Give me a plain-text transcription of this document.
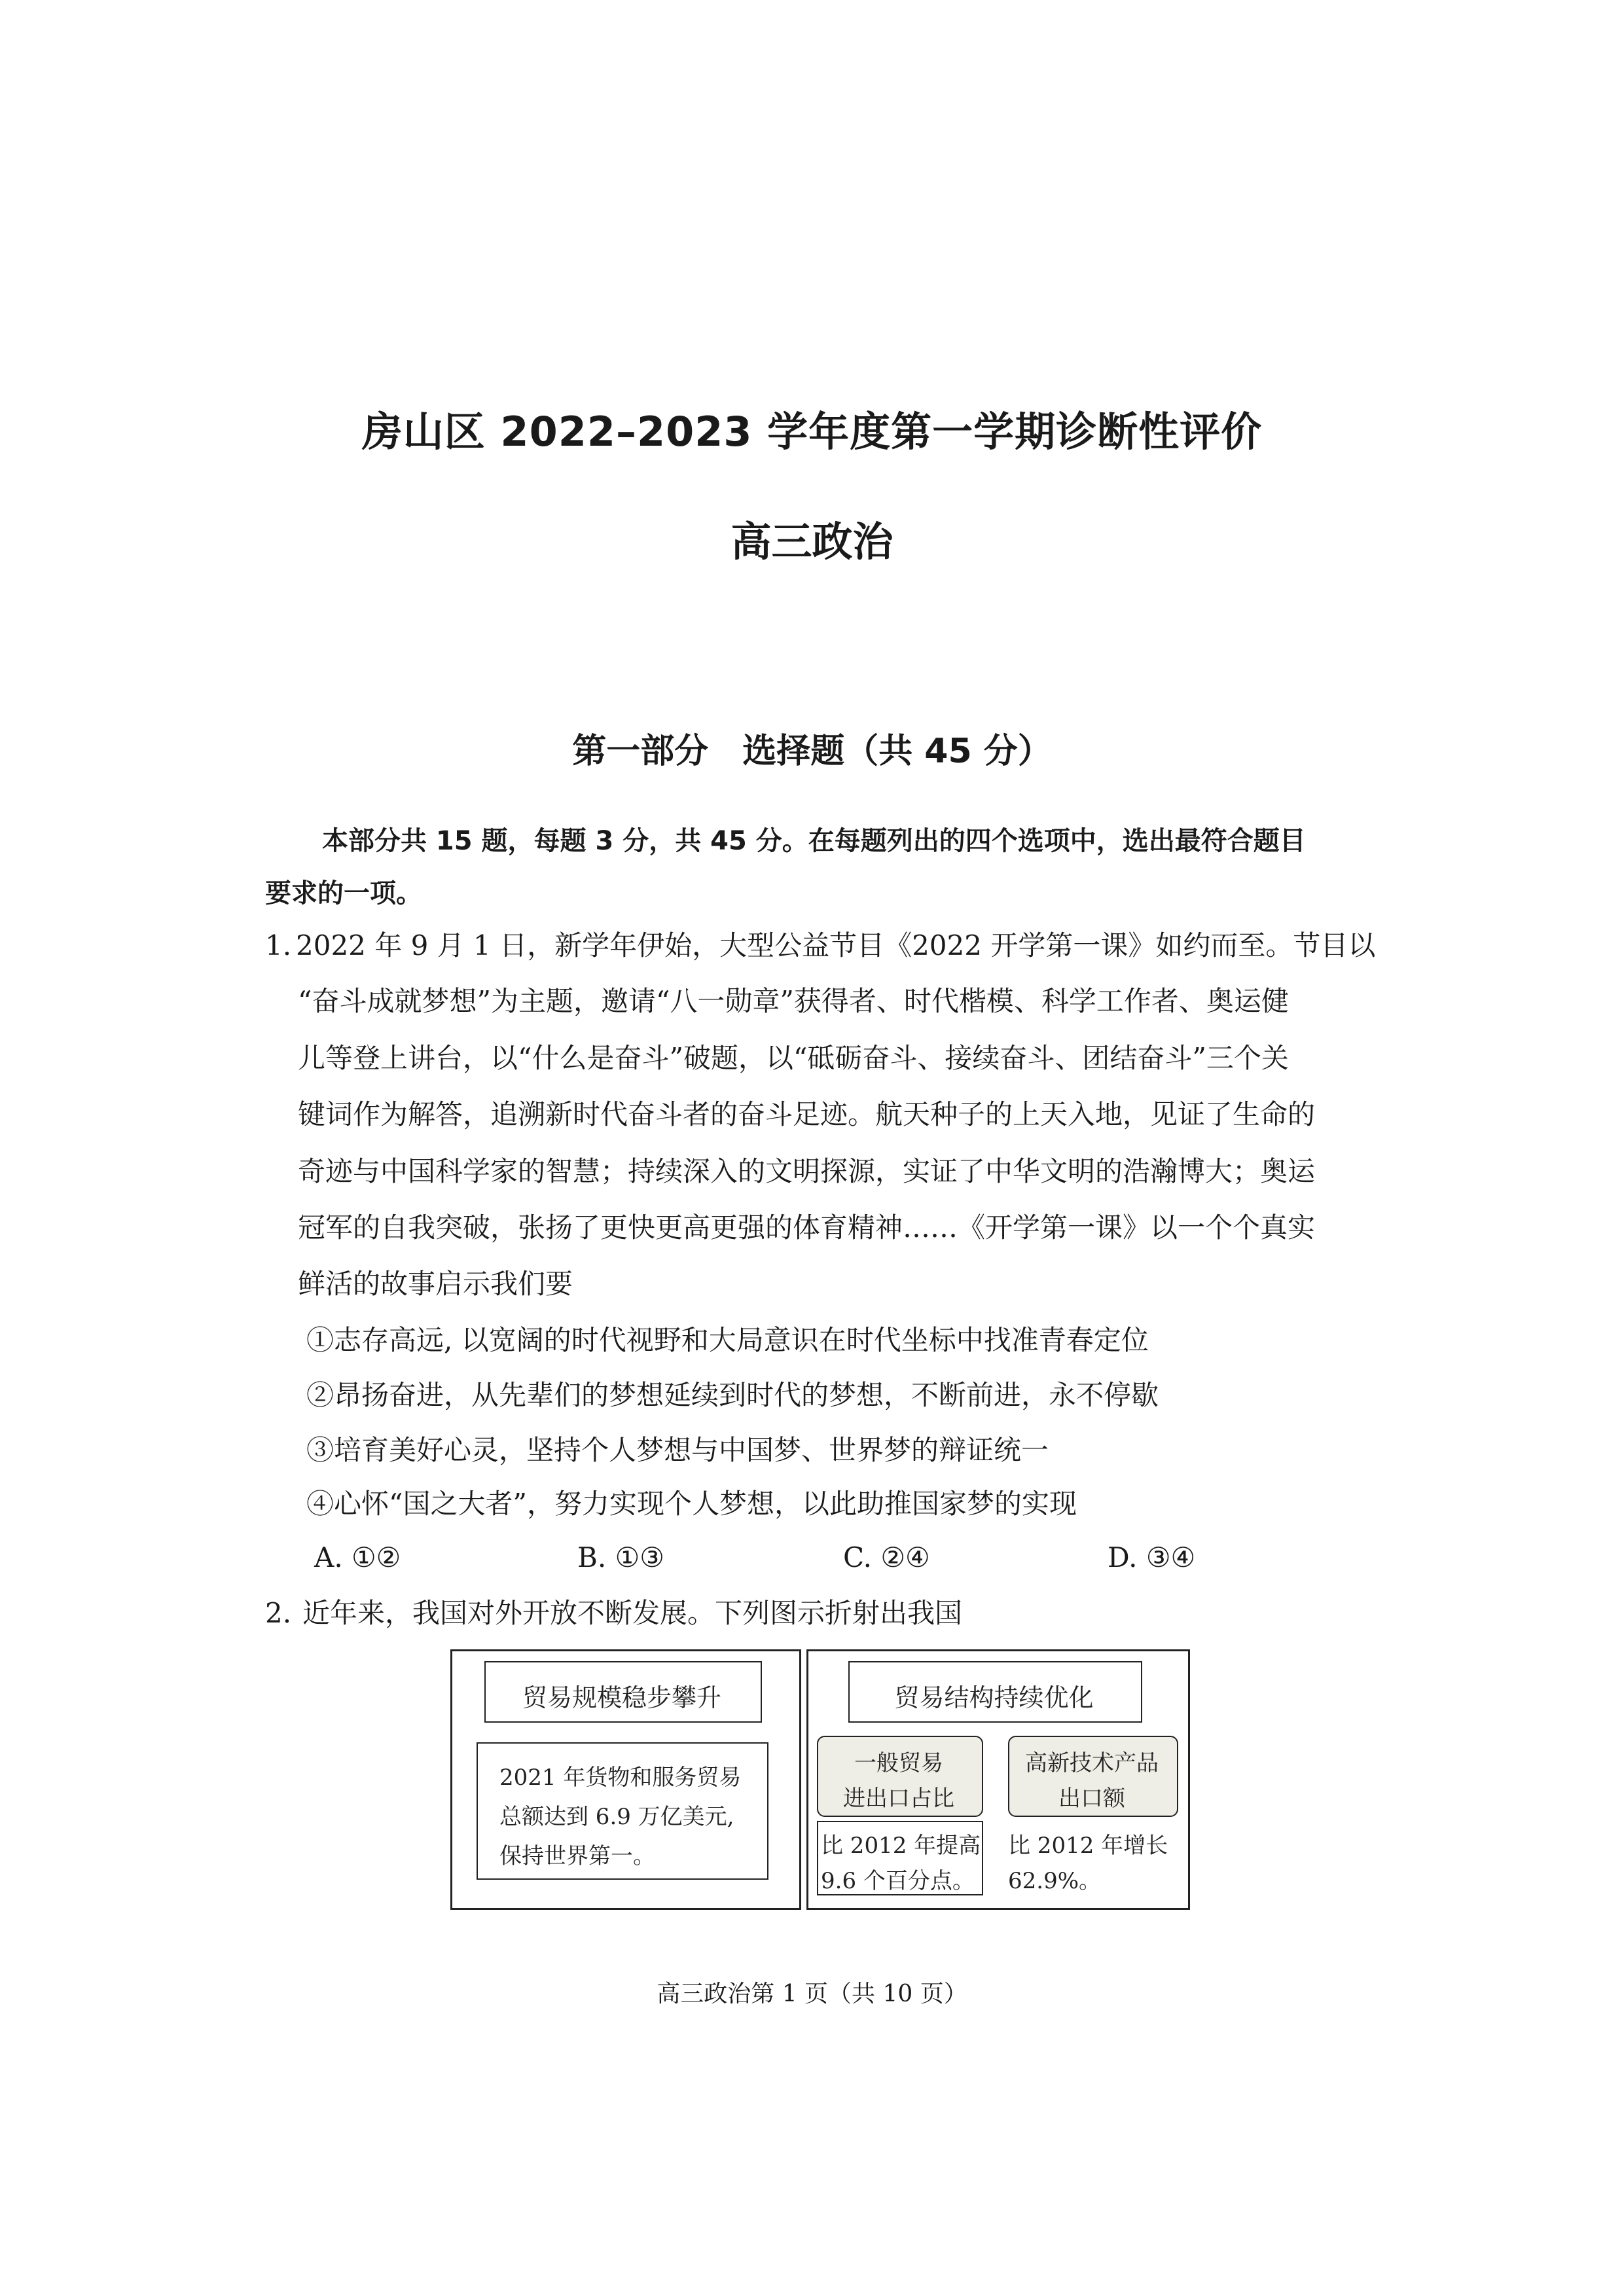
房山区 2022–2023 学年度第一学期诊断性评价
高三政治
第一部分　选择题（共 45 分）
本部分共 15 题，每题 3 分，共 45 分。在每题列出的四个选项中，选出最符合题目
要求的一项。
1. 2022 年 9 月 1 日，新学年伊始，大型公益节目《2022 开学第一课》如约而至。节目以
“奋斗成就梦想”为主题，邀请“八一勋章”获得者、时代楷模、科学工作者、奥运健
儿等登上讲台，以“什么是奋斗”破题，以“砥砺奋斗、接续奋斗、团结奋斗”三个关
键词作为解答，追溯新时代奋斗者的奋斗足迹。航天种子的上天入地，见证了生命的
奇迹与中国科学家的智慧；持续深入的文明探源，实证了中华文明的浩瀚博大；奥运
冠军的自我突破，张扬了更快更高更强的体育精神……《开学第一课》以一个个真实
鲜活的故事启示我们要
①志存高远, 以宽阔的时代视野和大局意识在时代坐标中找准青春定位
②昂扬奋进，从先辈们的梦想延续到时代的梦想，不断前进，永不停歇
③培育美好心灵，坚持个人梦想与中国梦、世界梦的辩证统一
④心怀“国之大者”，努力实现个人梦想，以此助推国家梦的实现
A. ①②	B. ①③	C. ②④	D. ③④
2. 近年来，我国对外开放不断发展。下列图示折射出我国
贸易规模稳步攀升
2021 年货物和服务贸易
总额达到 6.9 万亿美元,
保持世界第一。
贸易结构持续优化
一般贸易
进出口占比
比 2012 年提高
9.6 个百分点。
高新技术产品
出口额
比 2012 年增长
62.9%。
高三政治第 1 页（共 10 页）
